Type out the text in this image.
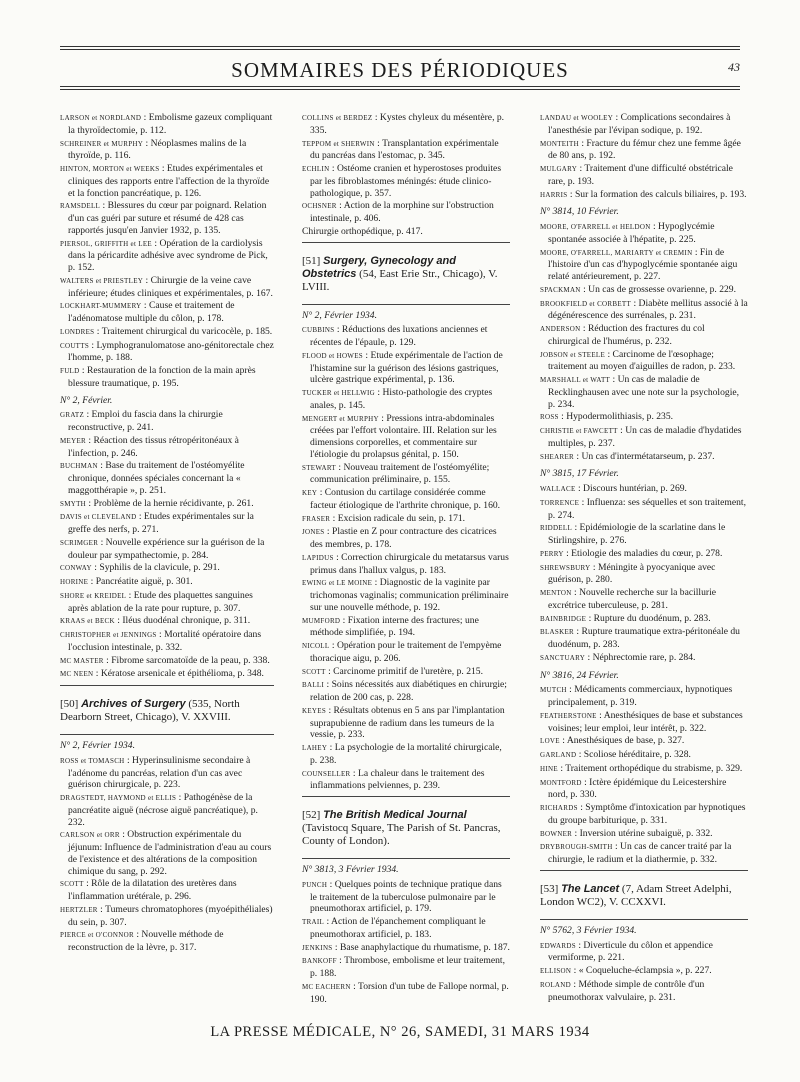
SOMMAIRES DES PÉRIODIQUES	43
LARSON et NORDLAND : Embolisme gazeux compliquant la thyroïdectomie, p. 112.
SCHREINER et MURPHY : Néoplasmes malins de la thyroïde, p. 116.
HINTON, MORTON et WEEKS : Etudes expérimentales et cliniques des rapports entre l'affection de la thyroïde et la fonction pancréatique, p. 126.
RAMSDELL : Blessures du cœur par poignard. Relation d'un cas guéri par suture et résumé de 428 cas rapportés jusqu'en Janvier 1932, p. 135.
PIERSOL, GRIFFITH et LEE : Opération de la cardiolysis dans la péricardite adhésive avec syndrome de Pick, p. 152.
WALTERS et PRIESTLEY : Chirurgie de la veine cave inférieure; études cliniques et expérimentales, p. 167.
LOCKHART-MUMMERY : Cause et traitement de l'adénomatose multiple du côlon, p. 178.
LONDRES : Traitement chirurgical du varicocèle, p. 185.
COUTTS : Lymphogranulomatose ano-génitorectale chez l'homme, p. 188.
FULD : Restauration de la fonction de la main après blessure traumatique, p. 195.
N° 2, Février.
GRATZ : Emploi du fascia dans la chirurgie reconstructive, p. 241.
MEYER : Réaction des tissus rétropéritonéaux à l'infection, p. 246.
BUCHMAN : Base du traitement de l'ostéomyélite chronique, données spéciales concernant la « maggotthérapie », p. 251.
SMYTH : Problème de la hernie récidivante, p. 261.
DAVIS et CLEVELAND : Etudes expérimentales sur la greffe des nerfs, p. 271.
SCRIMGER : Nouvelle expérience sur la guérison de la douleur par sympathectomie, p. 284.
CONWAY : Syphilis de la clavicule, p. 291.
HORINE : Pancréatite aiguë, p. 301.
SHORE et KREIDEL : Etude des plaquettes sanguines après ablation de la rate pour rupture, p. 307.
KRAAS et BECK : Iléus duodénal chronique, p. 311.
CHRISTOPHER et JENNINGS : Mortalité opératoire dans l'occlusion intestinale, p. 332.
MC MASTER : Fibrome sarcomatoïde de la peau, p. 338.
MC NEEN : Kératose arsenicale et épithélioma, p. 348.
[50] Archives of Surgery (535, North Dearborn Street, Chicago), V. XXVIII.
N° 2, Février 1934.
ROSS et TOMASCH : Hyperinsulinisme secondaire à l'adénome du pancréas, relation d'un cas avec guérison chirurgicale, p. 223.
DRAGSTEDT, HAYMOND et ELLIS : Pathogénèse de la pancréatite aiguë (nécrose aiguë pancréatique), p. 232.
CARLSON et ORR : Obstruction expérimentale du jéjunum: Influence de l'administration d'eau au cours de l'existence et des altérations de la composition chimique du sang, p. 292.
SCOTT : Rôle de la dilatation des uretères dans l'inflammation urétérale, p. 296.
HERTZLER : Tumeurs chromatophores (myoépithéliales) du sein, p. 307.
PIERCE et O'CONNOR : Nouvelle méthode de reconstruction de la lèvre, p. 317.
COLLINS et BERDEZ : Kystes chyleux du mésentère, p. 335.
TEPPOM et SHERWIN : Transplantation expérimentale du pancréas dans l'estomac, p. 345.
ECHLIN : Ostéome cranien et hyperostoses produites par les fibroblastomes méningés: étude clinico-pathologique, p. 357.
OCHSNER : Action de la morphine sur l'obstruction intestinale, p. 406.
Chirurgie orthopédique, p. 417.
[51] Surgery, Gynecology and Obstetrics (54, East Erie Str., Chicago), V. LVIII.
N° 2, Février 1934.
CUBBINS : Réductions des luxations anciennes et récentes de l'épaule, p. 129.
FLOOD et HOWES : Etude expérimentale de l'action de l'histamine sur la guérison des lésions gastriques, ulcère gastrique expérimental, p. 136.
TUCKER et HELLWIG : Histo-pathologie des cryptes anales, p. 145.
MENGERT et MURPHY : Pressions intra-abdominales créées par l'effort volontaire. III. Relation sur les dimensions corporelles, et commentaire sur l'étiologie du prolapsus génital, p. 150.
STEWART : Nouveau traitement de l'ostéomyélite; communication préliminaire, p. 155.
KEY : Contusion du cartilage considérée comme facteur étiologique de l'arthrite chronique, p. 160.
FRASER : Excision radicale du sein, p. 171.
JONES : Plastie en Z pour contracture des cicatrices des membres, p. 178.
LAPIDUS : Correction chirurgicale du metatarsus varus primus dans l'hallux valgus, p. 183.
EWING et LE MOINE : Diagnostic de la vaginite par trichomonas vaginalis; communication préliminaire sur une nouvelle méthode, p. 192.
MUMFORD : Fixation interne des fractures; une méthode simplifiée, p. 194.
NICOLL : Opération pour le traitement de l'empyème thoracique aigu, p. 206.
SCOTT : Carcinome primitif de l'uretère, p. 215.
BALLI : Soins nécessités aux diabétiques en chirurgie; relation de 200 cas, p. 228.
KEYES : Résultats obtenus en 5 ans par l'implantation suprapubienne de radium dans les tumeurs de la vessie, p. 233.
LAHEY : La psychologie de la mortalité chirurgicale, p. 238.
COUNSELLER : La chaleur dans le traitement des inflammations pelviennes, p. 239.
[52] The British Medical Journal (Tavistocq Square, The Parish of St. Pancras, County of London).
N° 3813, 3 Février 1934.
PUNCH : Quelques points de technique pratique dans le traitement de la tuberculose pulmonaire par le pneumothorax artificiel, p. 179.
TRAIL : Action de l'épanchement compliquant le pneumothorax artificiel, p. 183.
JENKINS : Base anaphylactique du rhumatisme, p. 187.
BANKOFF : Thrombose, embolisme et leur traitement, p. 188.
MC EACHERN : Torsion d'un tube de Fallope normal, p. 190.
LANDAU et WOOLEY : Complications secondaires à l'anesthésie par l'évipan sodique, p. 192.
MONTEITH : Fracture du fémur chez une femme âgée de 80 ans, p. 192.
MULGARY : Traitement d'une difficulté obstétricale rare, p. 193.
HARRIS : Sur la formation des calculs biliaires, p. 193.
N° 3814, 10 Février.
MOORE, O'FARRELL et HELDON : Hypoglycémie spontanée associée à l'hépatite, p. 225.
MOORE, O'FARRELL, MARIARTY et CREMIN : Fin de l'histoire d'un cas d'hypoglycémie spontanée aigu relaté antérieurement, p. 227.
SPACKMAN : Un cas de grossesse ovarienne, p. 229.
BROOKFIELD et CORBETT : Diabète mellitus associé à la dégénérescence des surrénales, p. 231.
ANDERSON : Réduction des fractures du col chirurgical de l'humérus, p. 232.
JOBSON et STEELE : Carcinome de l'œsophage; traitement au moyen d'aiguilles de radon, p. 233.
MARSHALL et WATT : Un cas de maladie de Recklinghausen avec une note sur la psychologie, p. 234.
ROSS : Hypodermolithiasis, p. 235.
CHRISTIE et FAWCETT : Un cas de maladie d'hydatides multiples, p. 237.
SHEARER : Un cas d'intermétatarseum, p. 237.
N° 3815, 17 Février.
WALLACE : Discours huntérian, p. 269.
TORRENCE : Influenza: ses séquelles et son traitement, p. 274.
RIDDELL : Epidémiologie de la scarlatine dans le Stirlingshire, p. 276.
PERRY : Etiologie des maladies du cœur, p. 278.
SHREWSBURY : Méningite à pyocyanique avec guérison, p. 280.
MENTON : Nouvelle recherche sur la bacillurie excrétrice tuberculeuse, p. 281.
BAINBRIDGE : Rupture du duodénum, p. 283.
BLASKER : Rupture traumatique extra-péritonéale du duodénum, p. 283.
SANCTUARY : Néphrectomie rare, p. 284.
N° 3816, 24 Février.
MUTCH : Médicaments commerciaux, hypnotiques principalement, p. 319.
FEATHERSTONE : Anesthésiques de base et substances voisines; leur emploi, leur intérêt, p. 322.
LOVE : Anesthésiques de base, p. 327.
GARLAND : Scoliose héréditaire, p. 328.
HINE : Traitement orthopédique du strabisme, p. 329.
MONTFORD : Ictère épidémique du Leicestershire nord, p. 330.
RICHARDS : Symptôme d'intoxication par hypnotiques du groupe barbiturique, p. 331.
BOWNER : Inversion utérine subaiguë, p. 332.
DRYBROUGH-SMITH : Un cas de cancer traité par la chirurgie, le radium et la diathermie, p. 332.
[53] The Lancet (7, Adam Street Adelphi, London WC2), V. CCXXVI.
N° 5762, 3 Février 1934.
EDWARDS : Diverticule du côlon et appendice vermiforme, p. 221.
ELLISON : « Coqueluche-éclampsia », p. 227.
ROLAND : Méthode simple de contrôle d'un pneumothorax valvulaire, p. 231.
LA PRESSE MÉDICALE, N° 26, SAMEDI, 31 MARS 1934
